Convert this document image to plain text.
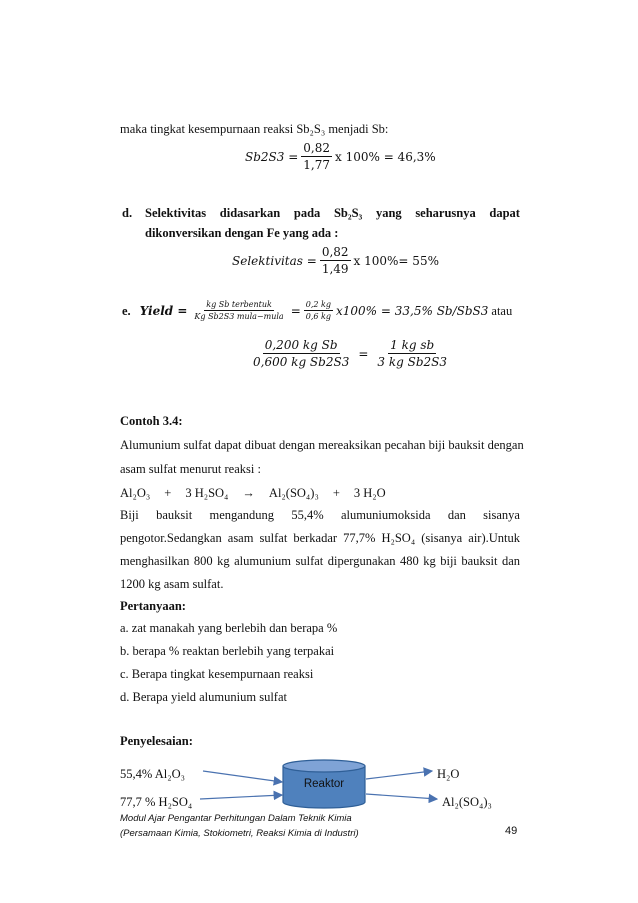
maka tingkat kesempurnaan reaksi Sb₂S₃ menjadi Sb:
$Sb2S3 = \frac{0,82}{1,77}$ x 100% = 46,3%
d. Selektivitas didasarkan pada Sb₂S₃ yang seharusnya dapat
dikonversikan dengan Fe yang ada :
Selektivitas = $\frac{0,82}{1,49}$ x 100%= 55%
e. Yield = $\frac{\text{kg Sb terbentuk}}{\text{Kg Sb2S3 mula−mula}} = \frac{0,2 kg}{0,6 kg} x100\% = 33,5\%$ Sb/SbS3 atau
$\frac{\text{0,200 kg Sb}}{\text{0,600 kg Sb2S3}} = \frac{\text{1 kg sb}}{\text{3 kg Sb2S3}}$
Contoh 3.4:
Alumunium sulfat dapat dibuat dengan mereaksikan pecahan biji bauksit dengan
asam sulfat menurut reaksi :
Al₂O₃ + 3 H₂SO₄ → Al₂(SO₄)₃ + 3 H₂O
Biji bauksit mengandung 55,4% alumuniumoksida dan sisanya
pengotor.Sedangkan asam sulfat berkadar 77,7% H₂SO₄ (sisanya air).Untuk
menghasilkan 800 kg alumunium sulfat dipergunakan 480 kg biji bauksit dan
1200 kg asam sulfat.
Pertanyaan:
a. zat manakah yang berlebih dan berapa %
b. berapa % reaktan berlebih yang terpakai
c. Berapa tingkat kesempurnaan reaksi
d. Berapa yield alumunium sulfat
Penyelesaian:
55,4% Al₂O₃
77,7 % H₂SO₄
H₂O
Al₂(SO₄)₃
Reaktor
Modul Ajar Pengantar Perhitungan Dalam Teknik Kimia
(Persamaan Kimia, Stokiometri, Reaksi Kimia di Industri)	49
